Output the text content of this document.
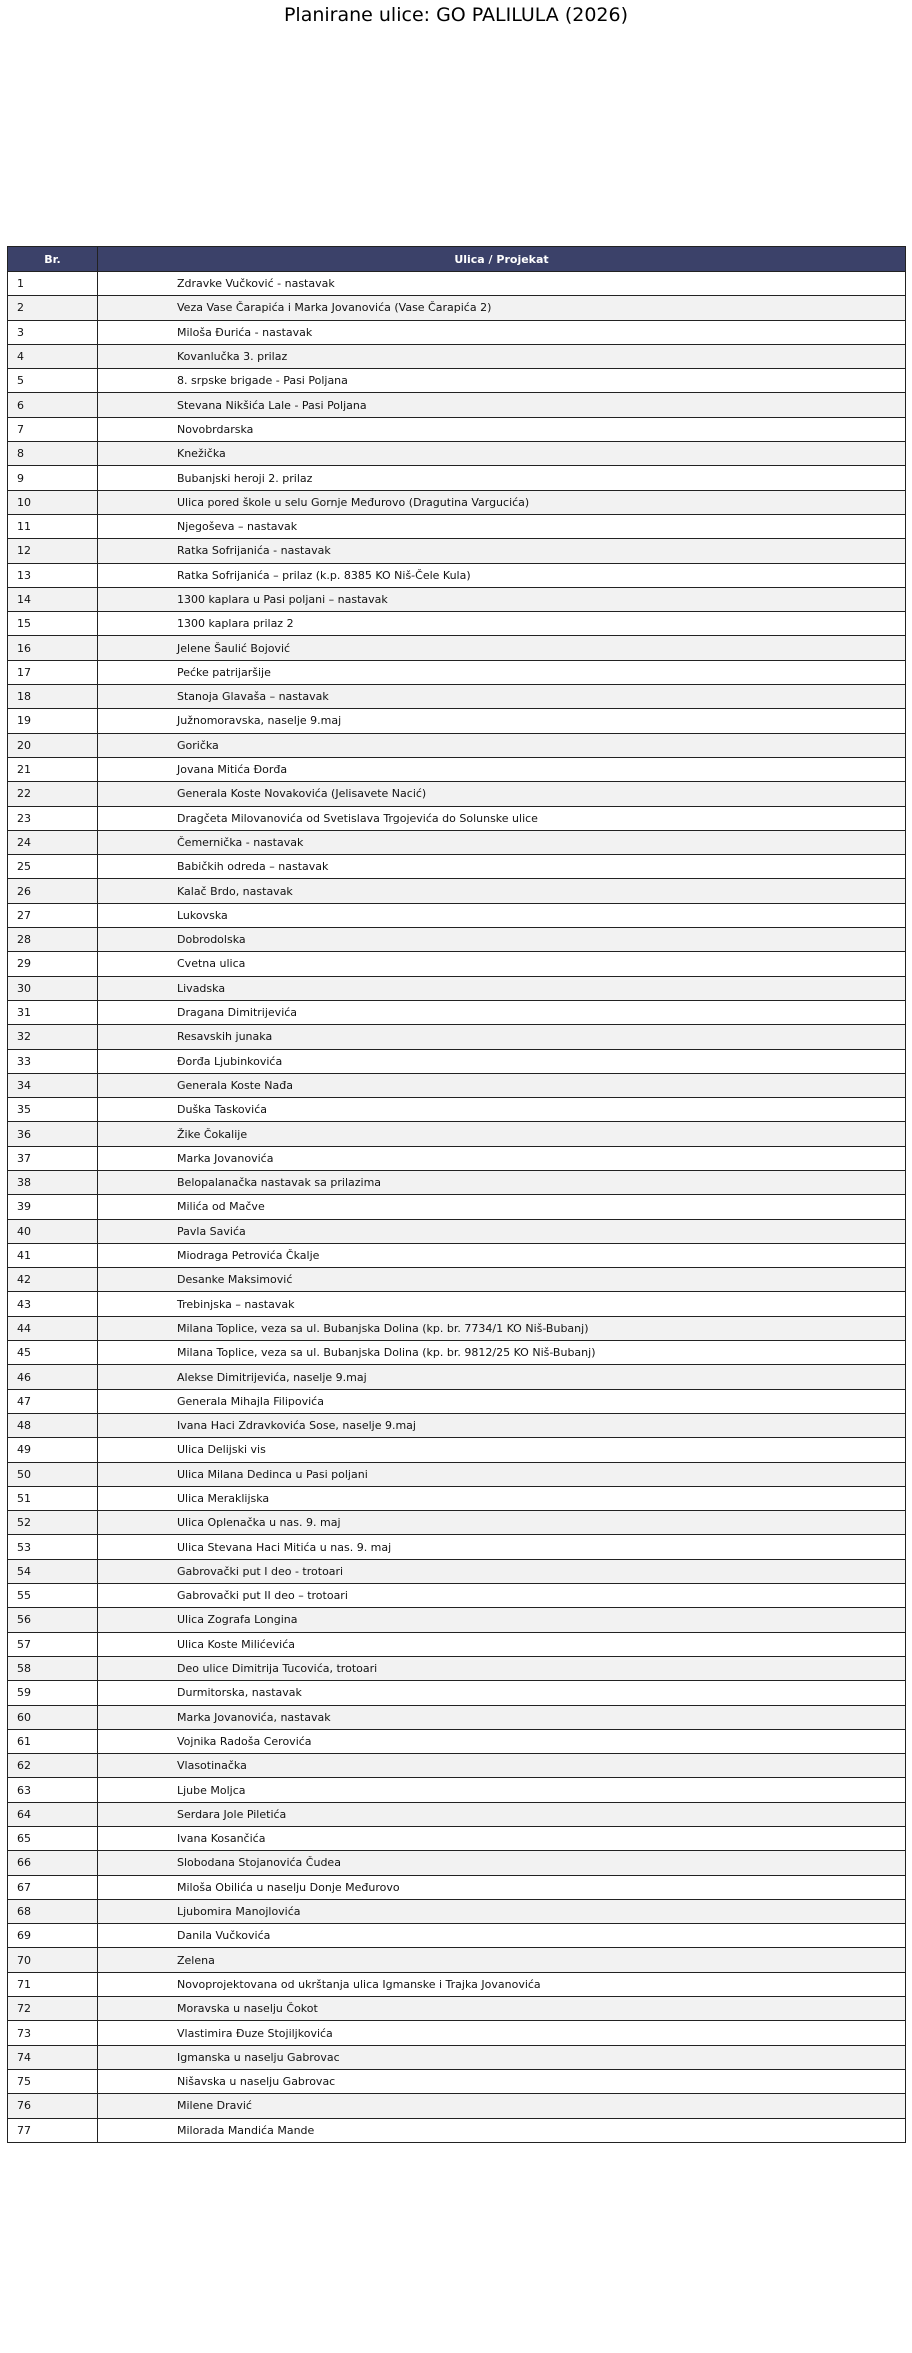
Planirane ulice: GO PALILULA (2026)
Br.	Ulica / Projekat
1	Zdravke Vučković - nastavak
2	Veza Vase Čarapića i Marka Jovanovića (Vase Čarapića 2)
3	Miloša Đurića - nastavak
4	Kovanlučka 3. prilaz
5	8. srpske brigade - Pasi Poljana
6	Stevana Nikšića Lale - Pasi Poljana
7	Novobrdarska
8	Knežička
9	Bubanjski heroji 2. prilaz
10	Ulica pored škole u selu Gornje Međurovo (Dragutina Vargucića)
11	Njegoševa – nastavak
12	Ratka Sofrijanića - nastavak
13	Ratka Sofrijanića – prilaz (k.p. 8385 KO Niš-Čele Kula)
14	1300 kaplara u Pasi poljani – nastavak
15	1300 kaplara prilaz 2
16	Jelene Šaulić Bojović
17	Pećke patrijaršije
18	Stanoja Glavaša – nastavak
19	Južnomoravska, naselje 9.maj
20	Gorička
21	Jovana Mitića Đorđa
22	Generala Koste Novakovića (Jelisavete Nacić)
23	Dragčeta Milovanovića od Svetislava Trgojevića do Solunske ulice
24	Čemernička - nastavak
25	Babičkih odreda – nastavak
26	Kalač Brdo, nastavak
27	Lukovska
28	Dobrodolska
29	Cvetna ulica
30	Livadska
31	Dragana Dimitrijevića
32	Resavskih junaka
33	Đorđa Ljubinkovića
34	Generala Koste Nađa
35	Duška Taskovića
36	Žike Čokalije
37	Marka Jovanovića
38	Belopalanačka nastavak sa prilazima
39	Milića od Mačve
40	Pavla Savića
41	Miodraga Petrovića Čkalje
42	Desanke Maksimović
43	Trebinjska – nastavak
44	Milana Toplice, veza sa ul. Bubanjska Dolina (kp. br. 7734/1 KO Niš-Bubanj)
45	Milana Toplice, veza sa ul. Bubanjska Dolina (kp. br. 9812/25 KO Niš-Bubanj)
46	Alekse Dimitrijevića, naselje 9.maj
47	Generala Mihajla Filipovića
48	Ivana Haci Zdravkovića Sose, naselje 9.maj
49	Ulica Delijski vis
50	Ulica Milana Dedinca u Pasi poljani
51	Ulica Meraklijska
52	Ulica Oplenačka u nas. 9. maj
53	Ulica Stevana Haci Mitića u nas. 9. maj
54	Gabrovački put I deo - trotoari
55	Gabrovački put II deo – trotoari
56	Ulica Zografa Longina
57	Ulica Koste Milićevića
58	Deo ulice Dimitrija Tucovića, trotoari
59	Durmitorska, nastavak
60	Marka Jovanovića, nastavak
61	Vojnika Radoša Cerovića
62	Vlasotinačka
63	Ljube Moljca
64	Serdara Jole Piletića
65	Ivana Kosančića
66	Slobodana Stojanovića Čudea
67	Miloša Obilića u naselju Donje Međurovo
68	Ljubomira Manojlovića
69	Danila Vučkovića
70	Zelena
71	Novoprojektovana od ukrštanja ulica Igmanske i Trajka Jovanovića
72	Moravska u naselju Čokot
73	Vlastimira Đuze Stojiljkovića
74	Igmanska u naselju Gabrovac
75	Nišavska u naselju Gabrovac
76	Milene Dravić
77	Milorada Mandića Mande
